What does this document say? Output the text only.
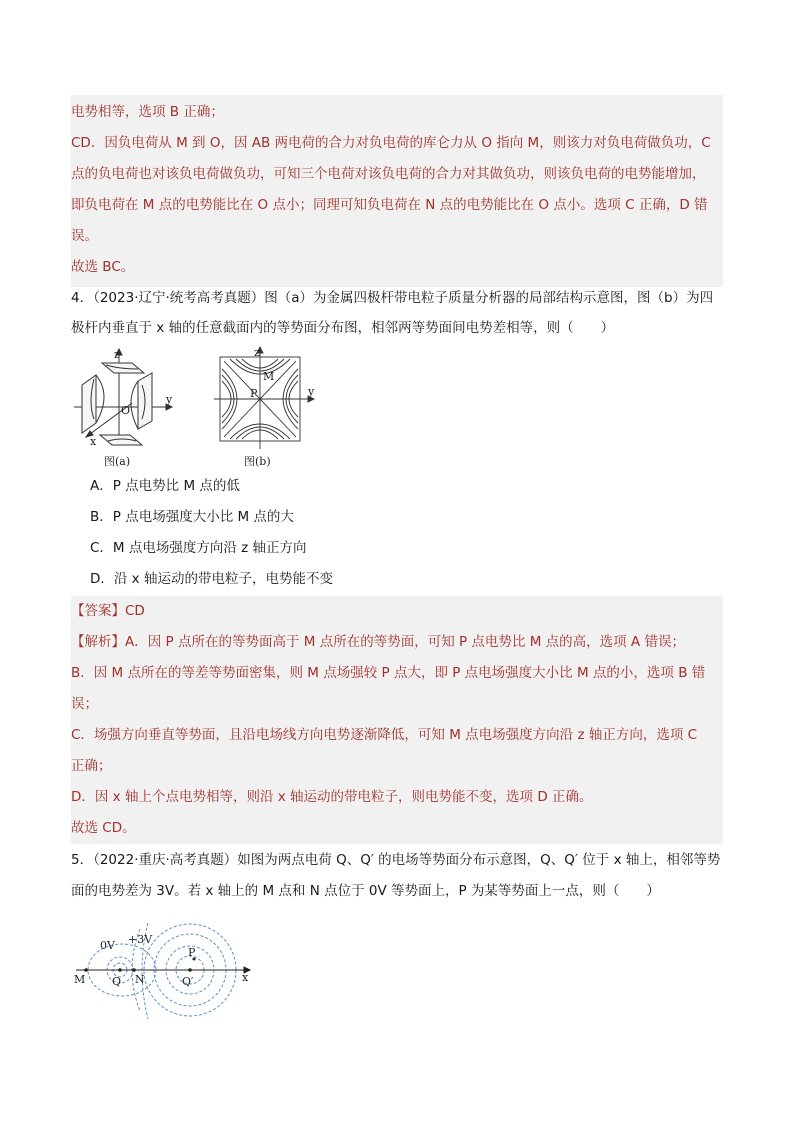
电势相等，选项 B 正确；
CD．因负电荷从 M 到 O，因 AB 两电荷的合力对负电荷的库仑力从 O 指向 M，则该力对负电荷做负功，C
点的负电荷也对该负电荷做负功，可知三个电荷对该负电荷的合力对其做负功，则该负电荷的电势能增加，
即负电荷在 M 点的电势能比在 O 点小；同理可知负电荷在 N 点的电势能比在 O 点小。选项 C 正确，D 错
误。
故选 BC。
4．（2023·辽宁·统考高考真题）图（a）为金属四极杆带电粒子质量分析器的局部结构示意图，图（b）为四
极杆内垂直于 x 轴的任意截面内的等势面分布图，相邻两等势面间电势差相等，则（　　）
z
y
x
O
图(a)
z
y
M
P
图(b)
A．P 点电势比 M 点的低
B．P 点电场强度大小比 M 点的大
C．M 点电场强度方向沿 z 轴正方向
D．沿 x 轴运动的带电粒子，电势能不变
【答案】CD
【解析】A．因 P 点所在的等势面高于 M 点所在的等势面，可知 P 点电势比 M 点的高，选项 A 错误；
B．因 M 点所在的等差等势面密集，则 M 点场强较 P 点大，即 P 点电场强度大小比 M 点的小，选项 B 错
误；
C．场强方向垂直等势面，且沿电场线方向电势逐渐降低，可知 M 点电场强度方向沿 z 轴正方向，选项 C
正确；
D．因 x 轴上个点电势相等，则沿 x 轴运动的带电粒子，则电势能不变，选项 D 正确。
故选 CD。
5．（2022·重庆·高考真题）如图为两点电荷 Q、Q′ 的电场等势面分布示意图，Q、Q′ 位于 x 轴上，相邻等势
面的电势差为 3V。若 x 轴上的 M 点和 N 点位于 0V 等势面上，P 为某等势面上一点，则（　　）
0V +3V
M Q N
P
Q′	x
